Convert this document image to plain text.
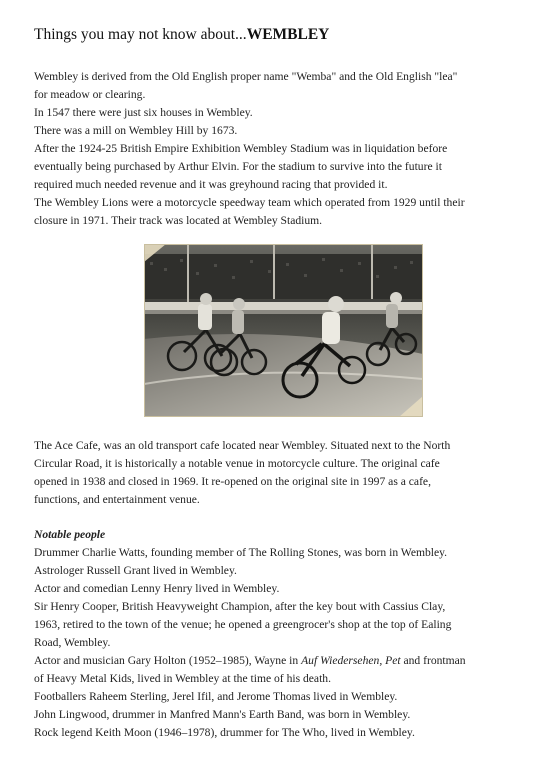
Things you may not know about...WEMBLEY
Wembley is derived from the Old English proper name "Wemba" and the Old English "lea"
for meadow or clearing.
In 1547 there were just six houses in Wembley.
There was a mill on Wembley Hill by 1673.
After the 1924-25 British Empire Exhibition Wembley Stadium was in liquidation before
eventually being purchased by Arthur Elvin. For the stadium to survive into the future it
required much needed revenue and it was greyhound racing that provided it.
The Wembley Lions were a motorcycle speedway team which operated from 1929 until their
closure in 1971. Their track was located at Wembley Stadium.
The Ace Cafe, was an old transport cafe located near Wembley. Situated next to the North
Circular Road, it is historically a notable venue in motorcycle culture. The original cafe
opened in 1938 and closed in 1969. It re-opened on the original site in 1997 as a cafe,
functions, and entertainment venue.
Notable people
Drummer Charlie Watts, founding member of The Rolling Stones, was born in Wembley.
Astrologer Russell Grant lived in Wembley.
Actor and comedian Lenny Henry lived in Wembley.
Sir Henry Cooper, British Heavyweight Champion, after the key bout with Cassius Clay,
1963, retired to the town of the venue; he opened a greengrocer's shop at the top of Ealing
Road, Wembley.
Actor and musician Gary Holton (1952–1985), Wayne in Auf Wiedersehen, Pet and frontman
of Heavy Metal Kids, lived in Wembley at the time of his death.
Footballers Raheem Sterling, Jerel Ifil, and Jerome Thomas lived in Wembley.
John Lingwood, drummer in Manfred Mann's Earth Band, was born in Wembley.
Rock legend Keith Moon (1946–1978), drummer for The Who, lived in Wembley.
